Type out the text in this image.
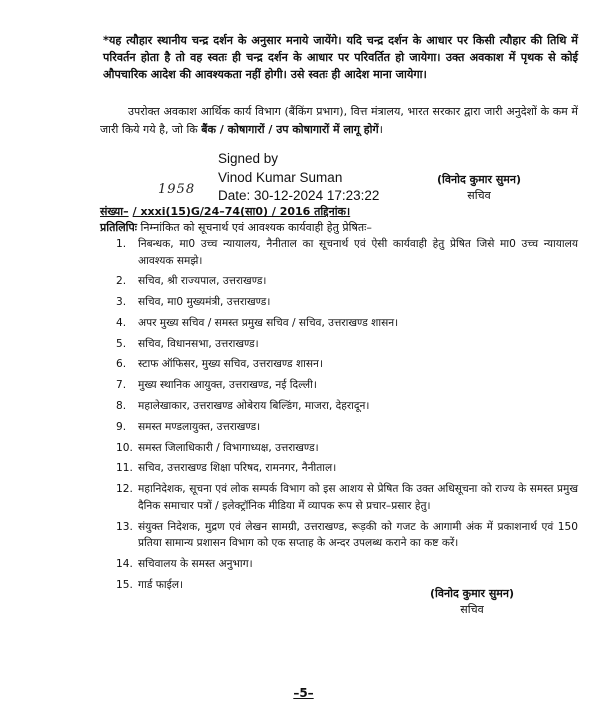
*यह त्यौहार स्थानीय चन्द्र दर्शन के अनुसार मनाये जायेंगे। यदि चन्द्र दर्शन के आधार पर किसी त्यौहार की तिथि में परिवर्तन होता है तो वह स्वतः ही चन्द्र दर्शन के आधार पर परिवर्तित हो जायेगा। उक्त अवकाश में पृथक से कोई औपचारिक आदेश की आवश्यकता नहीं होगी। उसे स्वतः ही आदेश माना जायेगा।
उपरोक्त अवकाश आर्थिक कार्य विभाग (बैंकिंग प्रभाग), वित्त मंत्रालय, भारत सरकार द्वारा जारी अनुदेशों के कम में जारी किये गये है, जो कि बैंक / कोषागारों / उप कोषागारों में लागू होगें।
Signed by
Vinod Kumar Suman
Date: 30-12-2024 17:23:22
(विनोद कुमार सुमन)
सचिव
1958
संख्या– / xxxi(15)G/24–74(सा0) / 2016 तद्दिनांक।
प्रतिलिपिः निम्नांकित को सूचनार्थ एवं आवश्यक कार्यवाही हेतु प्रेषितः–
1. निबन्धक, मा0 उच्च न्यायालय, नैनीताल का सूचनार्थ एवं ऐसी कार्यवाही हेतु प्रेषित जिसे मा0 उच्च न्यायालय आवश्यक समझे।
2. सचिव, श्री राज्यपाल, उत्तराखण्ड।
3. सचिव, मा0 मुख्यमंत्री, उत्तराखण्ड।
4. अपर मुख्य सचिव / समस्त प्रमुख सचिव / सचिव, उत्तराखण्ड शासन।
5. सचिव, विधानसभा, उत्तराखण्ड।
6. स्टाफ ऑफिसर, मुख्य सचिव, उत्तराखण्ड शासन।
7. मुख्य स्थानिक आयुक्त, उत्तराखण्ड, नई दिल्ली।
8. महालेखाकार, उत्तराखण्ड ओबेराय बिल्डिंग, माजरा, देहरादून।
9. समस्त मण्डलायुक्त, उत्तराखण्ड।
10. समस्त जिलाधिकारी / विभागाध्यक्ष, उत्तराखण्ड।
11. सचिव, उत्तराखण्ड शिक्षा परिषद, रामनगर, नैनीताल।
12. महानिदेशक, सूचना एवं लोक सम्पर्क विभाग को इस आशय से प्रेषित कि उक्त अधिसूचना को राज्य के समस्त प्रमुख दैनिक समाचार पत्रों / इलेक्ट्रॉनिक मीडिया में व्यापक रूप से प्रचार–प्रसार हेतु।
13. संयुक्त निदेशक, मुद्रण एवं लेखन सामग्री, उत्तराखण्ड, रूड़की को गजट के आगामी अंक में प्रकाशनार्थ एवं 150 प्रतिया सामान्य प्रशासन विभाग को एक सप्ताह के अन्दर उपलब्ध कराने का कष्ट करें।
14. सचिवालय के समस्त अनुभाग।
15. गार्ड फाईल।
(विनोद कुमार सुमन)
सचिव
–5–
